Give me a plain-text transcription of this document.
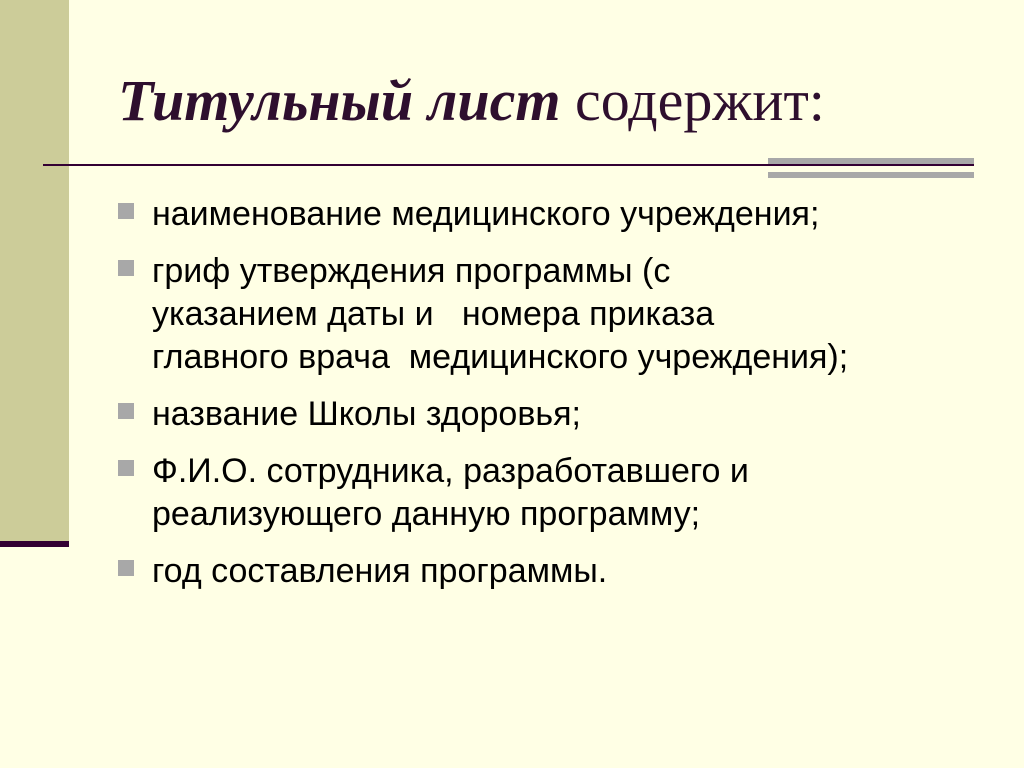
Титульный лист содержит:
наименование медицинского учреждения;
гриф утверждения программы (с
указанием даты и   номера приказа
главного врача  медицинского учреждения);
название Школы здоровья;
Ф.И.О. сотрудника, разработавшего и
реализующего данную программу;
год составления программы.
